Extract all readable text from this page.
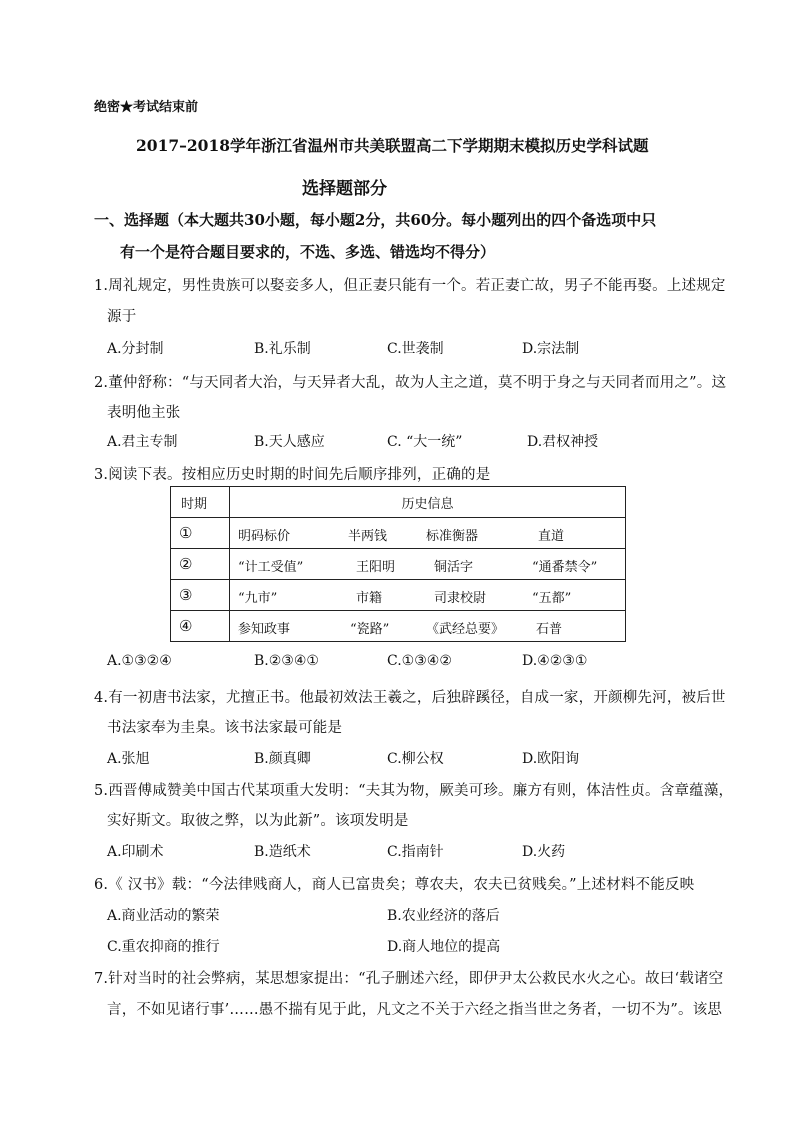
绝密★考试结束前
2017–2018学年浙江省温州市共美联盟高二下学期期末模拟历史学科试题
选择题部分
一、选择题（本大题共30小题，每小题2分，共60分。每小题列出的四个备选项中只
有一个是符合题目要求的，不选、多选、错选均不得分）
1.周礼规定，男性贵族可以娶妾多人，但正妻只能有一个。若正妻亡故，男子不能再娶。上述规定
源于
A.分封制	B.礼乐制	C.世袭制	D.宗法制
2.董仲舒称：“与天同者大治，与天异者大乱，故为人主之道，莫不明于身之与天同者而用之”。这
表明他主张
A.君主专制	B.天人感应	C. “大一统”	D.君权神授
3.阅读下表。按相应历史时期的时间先后顺序排列，正确的是
时期	历史信息
①	明码标价 半两钱 标准衡器 直道

②	“计工受值” 王阳明 铜活字 “通番禁令”

③	“九市” 市籍 司隶校尉 “五都”

④	参知政事 “瓷路” 《武经总要》 石普
A.①③②④	B.②③④①	C.①③④②	D.④②③①
4.有一初唐书法家，尤擅正书。他最初效法王羲之，后独辟蹊径，自成一家，开颜柳先河，被后世
书法家奉为圭臬。该书法家最可能是
A.张旭	B.颜真卿	C.柳公权	D.欧阳询
5.西晋傅咸赞美中国古代某项重大发明：“夫其为物，厥美可珍。廉方有则，体洁性贞。含章蕴藻，
实好斯文。取彼之弊，以为此新”。该项发明是
A.印刷术	B.造纸术	C.指南针	D.火药
6.《 汉书》载：“今法律贱商人，商人已富贵矣；尊农夫，农夫已贫贱矣。”上述材料不能反映
A.商业活动的繁荣	B.农业经济的落后
C.重农抑商的推行	D.商人地位的提高
7.针对当时的社会弊病，某思想家提出：“孔子删述六经，即伊尹太公救民水火之心。故曰‘载诸空
言，不如见诸行事’……愚不揣有见于此，凡文之不关于六经之指当世之务者，一切不为”。该思
